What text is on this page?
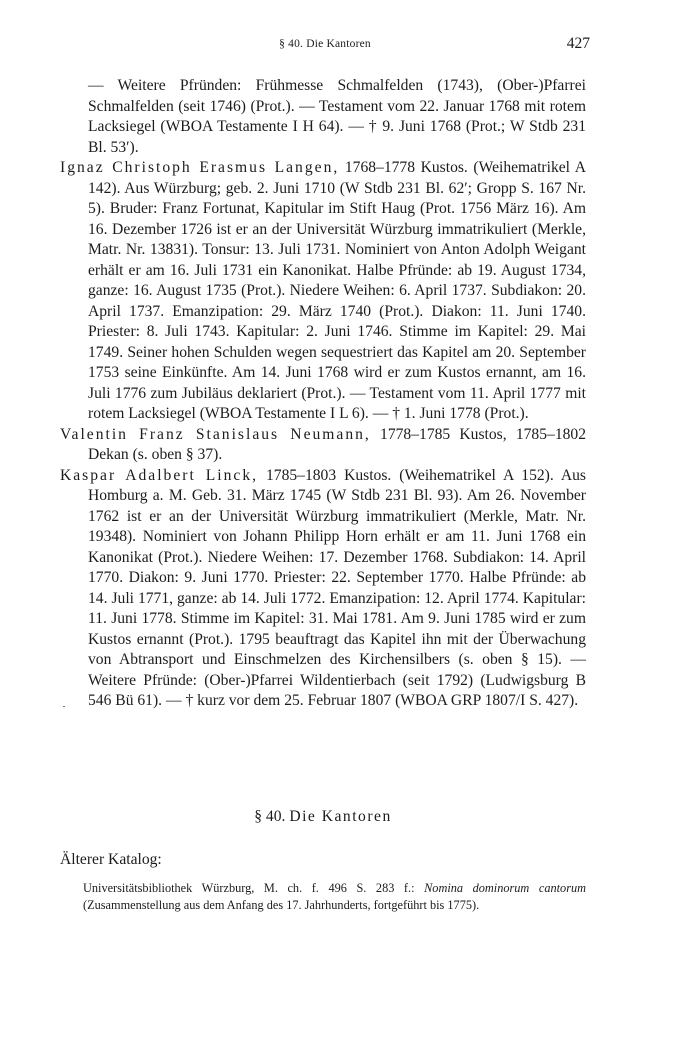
§ 40. Die Kantoren	427

— Weitere Pfründen: Frühmesse Schmalfelden (1743), (Ober-)Pfarrei Schmalfelden (seit 1746) (Prot.). — Testament vom 22. Januar 1768 mit rotem Lacksiegel (WBOA Testamente I H 64). — † 9. Juni 1768 (Prot.; W Stdb 231 Bl. 53′).

Ignaz Christoph Erasmus Langen, 1768–1778 Kustos. (Weihematrikel A 142). Aus Würzburg; geb. 2. Juni 1710 (W Stdb 231 Bl. 62′; Gropp S. 167 Nr. 5). Bruder: Franz Fortunat, Kapitular im Stift Haug (Prot. 1756 März 16). Am 16. Dezember 1726 ist er an der Universität Würzburg immatrikuliert (Merkle, Matr. Nr. 13831). Tonsur: 13. Juli 1731. Nominiert von Anton Adolph Weigant erhält er am 16. Juli 1731 ein Kanonikat. Halbe Pfründe: ab 19. August 1734, ganze: 16. August 1735 (Prot.). Niedere Weihen: 6. April 1737. Subdiakon: 20. April 1737. Emanzipation: 29. März 1740 (Prot.). Diakon: 11. Juni 1740. Priester: 8. Juli 1743. Kapitular: 2. Juni 1746. Stimme im Kapitel: 29. Mai 1749. Seiner hohen Schulden wegen sequestriert das Kapitel am 20. September 1753 seine Einkünfte. Am 14. Juni 1768 wird er zum Kustos ernannt, am 16. Juli 1776 zum Jubiläus deklariert (Prot.). — Testament vom 11. April 1777 mit rotem Lacksiegel (WBOA Testamente I L 6). — † 1. Juni 1778 (Prot.).

Valentin Franz Stanislaus Neumann, 1778–1785 Kustos, 1785–1802 Dekan (s. oben § 37).

Kaspar Adalbert Linck, 1785–1803 Kustos. (Weihematrikel A 152). Aus Homburg a. M. Geb. 31. März 1745 (W Stdb 231 Bl. 93). Am 26. November 1762 ist er an der Universität Würzburg immatrikuliert (Merkle, Matr. Nr. 19348). Nominiert von Johann Philipp Horn erhält er am 11. Juni 1768 ein Kanonikat (Prot.). Niedere Weihen: 17. Dezember 1768. Subdiakon: 14. April 1770. Diakon: 9. Juni 1770. Priester: 22. September 1770. Halbe Pfründe: ab 14. Juli 1771, ganze: ab 14. Juli 1772. Emanzipation: 12. April 1774. Kapitular: 11. Juni 1778. Stimme im Kapitel: 31. Mai 1781. Am 9. Juni 1785 wird er zum Kustos ernannt (Prot.). 1795 beauftragt das Kapitel ihn mit der Überwachung von Abtransport und Einschmelzen des Kirchensilbers (s. oben § 15). — Weitere Pfründe: (Ober-)Pfarrei Wildentierbach (seit 1792) (Ludwigsburg B 546 Bü 61). — † kurz vor dem 25. Februar 1807 (WBOA GRP 1807/I S. 427).

§ 40. Die Kantoren
Älterer Katalog:
Universitätsbibliothek Würzburg, M. ch. f. 496 S. 283 f.: Nomina dominorum cantorum (Zusammenstellung aus dem Anfang des 17. Jahrhunderts, fortgeführt bis 1775).
